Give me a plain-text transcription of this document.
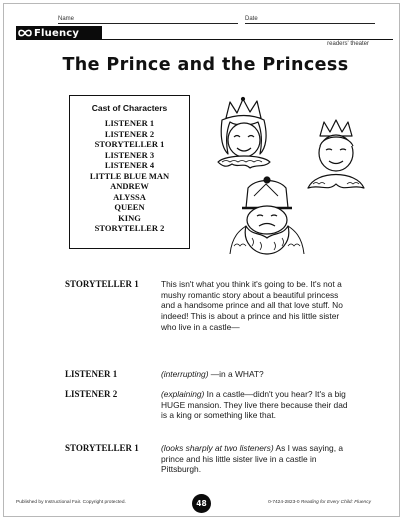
Name	Date
Fluency
readers' theater
The Prince and the Princess
Cast of Characters
LISTENER 1
LISTENER 2
STORYTELLER 1
LISTENER 3
LISTENER 4
LITTLE BLUE MAN
ANDREW
ALYSSA
QUEEN
KING
STORYTELLER 2
STORYTELLER 1	This isn't what you think it's going to be. It's not a mushy romantic story about a beautiful princess and a handsome prince and all that love stuff. No indeed! This is about a prince and his little sister who live in a castle—

LISTENER 1	(interrupting) —in a WHAT?

LISTENER 2	(explaining) In a castle—didn't you hear? It's a big HUGE mansion. They live there because their dad is a king or something like that.

STORYTELLER 1	(looks sharply at two listeners) As I was saying, a prince and his little sister live in a castle in Pittsburgh.

Published by Instructional Fair. Copyright protected.	48	0-7424-2823-0 Reading for Every Child: Fluency
